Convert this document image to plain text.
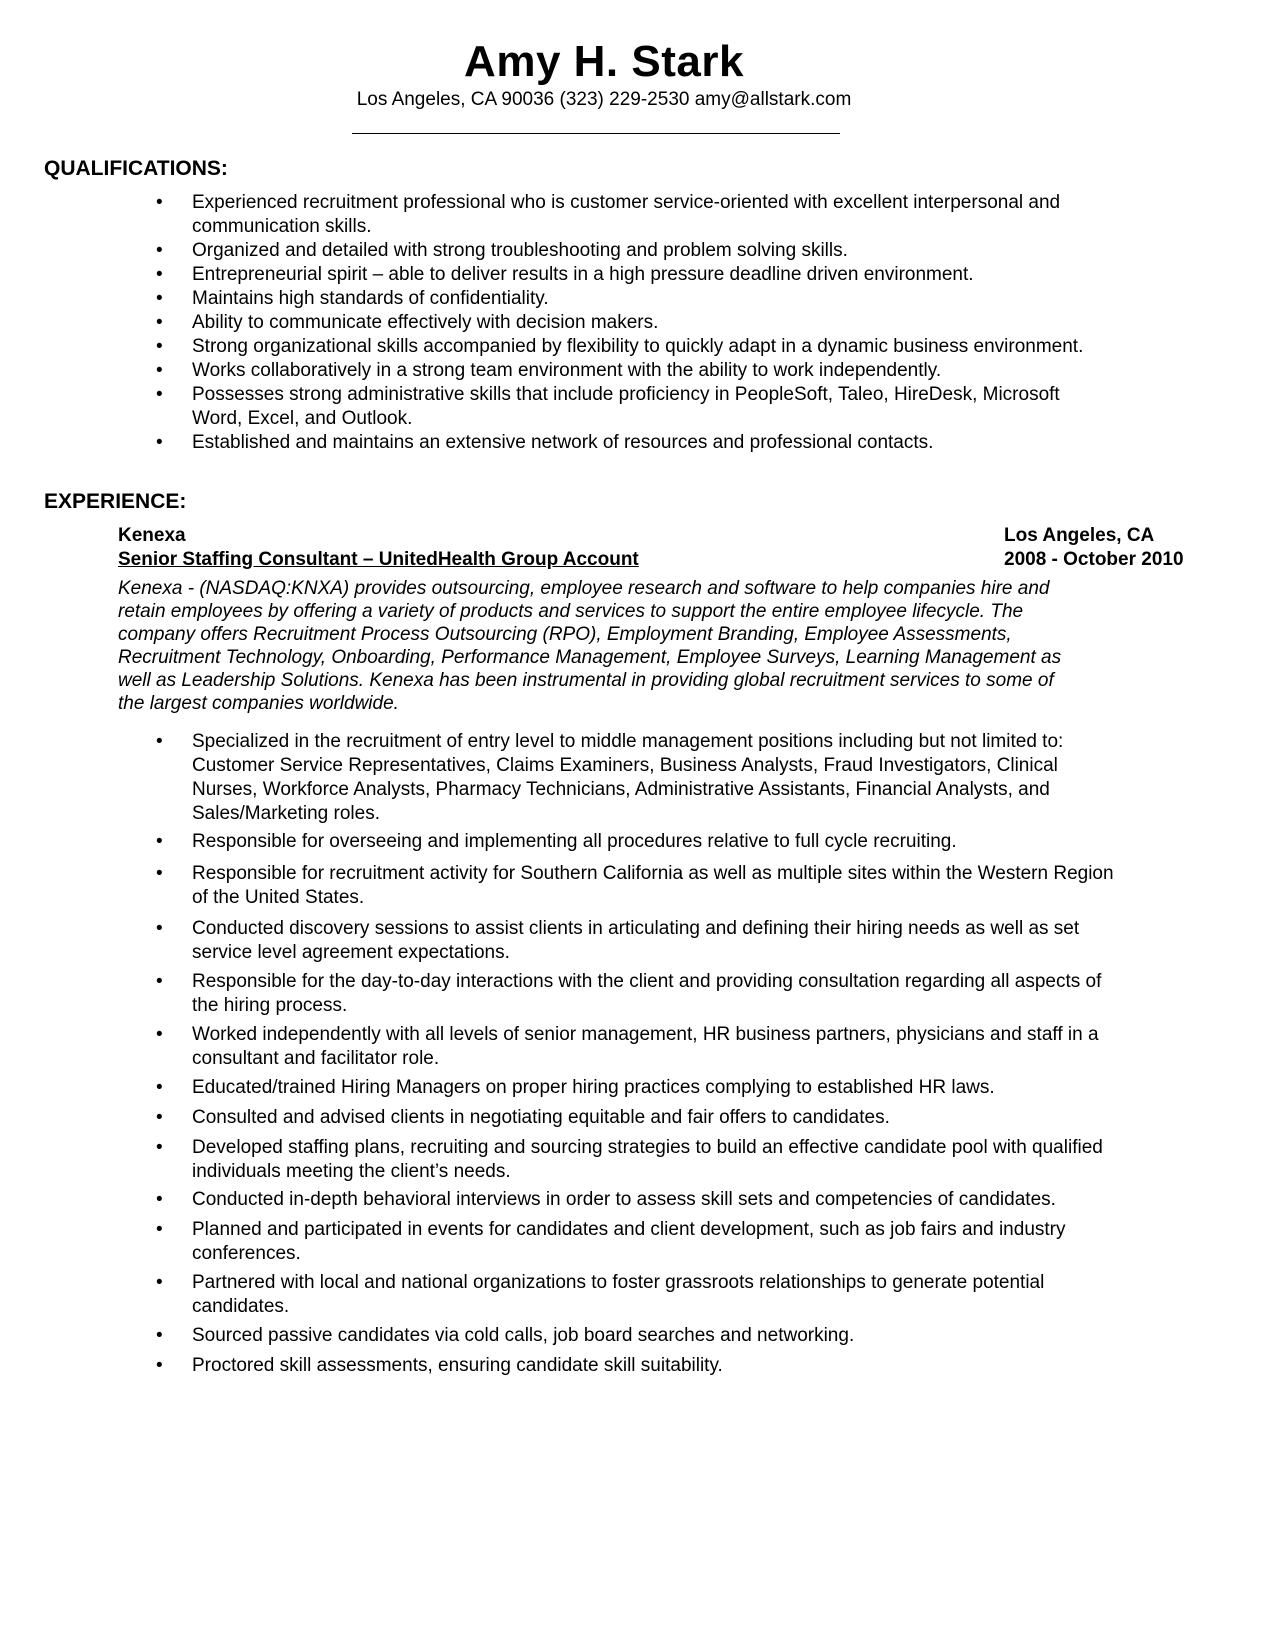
Amy H. Stark
Los Angeles, CA 90036 (323) 229-2530 amy@allstark.com
QUALIFICATIONS:
• Experienced recruitment professional who is customer service-oriented with excellent interpersonal and
communication skills.
• Organized and detailed with strong troubleshooting and problem solving skills.
• Entrepreneurial spirit – able to deliver results in a high pressure deadline driven environment.
• Maintains high standards of confidentiality.
• Ability to communicate effectively with decision makers.
• Strong organizational skills accompanied by flexibility to quickly adapt in a dynamic business environment.
• Works collaboratively in a strong team environment with the ability to work independently.
• Possesses strong administrative skills that include proficiency in PeopleSoft, Taleo, HireDesk, Microsoft
Word, Excel, and Outlook.
• Established and maintains an extensive network of resources and professional contacts.
EXPERIENCE:
Kenexa	Los Angeles, CA
Senior Staffing Consultant – UnitedHealth Group Account	2008 - October 2010
Kenexa - (NASDAQ:KNXA) provides outsourcing, employee research and software to help companies hire and
retain employees by offering a variety of products and services to support the entire employee lifecycle. The
company offers Recruitment Process Outsourcing (RPO), Employment Branding, Employee Assessments,
Recruitment Technology, Onboarding, Performance Management, Employee Surveys, Learning Management as
well as Leadership Solutions. Kenexa has been instrumental in providing global recruitment services to some of
the largest companies worldwide.
• Specialized in the recruitment of entry level to middle management positions including but not limited to:
Customer Service Representatives, Claims Examiners, Business Analysts, Fraud Investigators, Clinical
Nurses, Workforce Analysts, Pharmacy Technicians, Administrative Assistants, Financial Analysts, and
Sales/Marketing roles.
• Responsible for overseeing and implementing all procedures relative to full cycle recruiting.
• Responsible for recruitment activity for Southern California as well as multiple sites within the Western Region
of the United States.
• Conducted discovery sessions to assist clients in articulating and defining their hiring needs as well as set
service level agreement expectations.
• Responsible for the day-to-day interactions with the client and providing consultation regarding all aspects of
the hiring process.
• Worked independently with all levels of senior management, HR business partners, physicians and staff in a
consultant and facilitator role.
• Educated/trained Hiring Managers on proper hiring practices complying to established HR laws.
• Consulted and advised clients in negotiating equitable and fair offers to candidates.
• Developed staffing plans, recruiting and sourcing strategies to build an effective candidate pool with qualified
individuals meeting the client’s needs.
• Conducted in-depth behavioral interviews in order to assess skill sets and competencies of candidates.
• Planned and participated in events for candidates and client development, such as job fairs and industry
conferences.
• Partnered with local and national organizations to foster grassroots relationships to generate potential
candidates.
• Sourced passive candidates via cold calls, job board searches and networking.
• Proctored skill assessments, ensuring candidate skill suitability.
